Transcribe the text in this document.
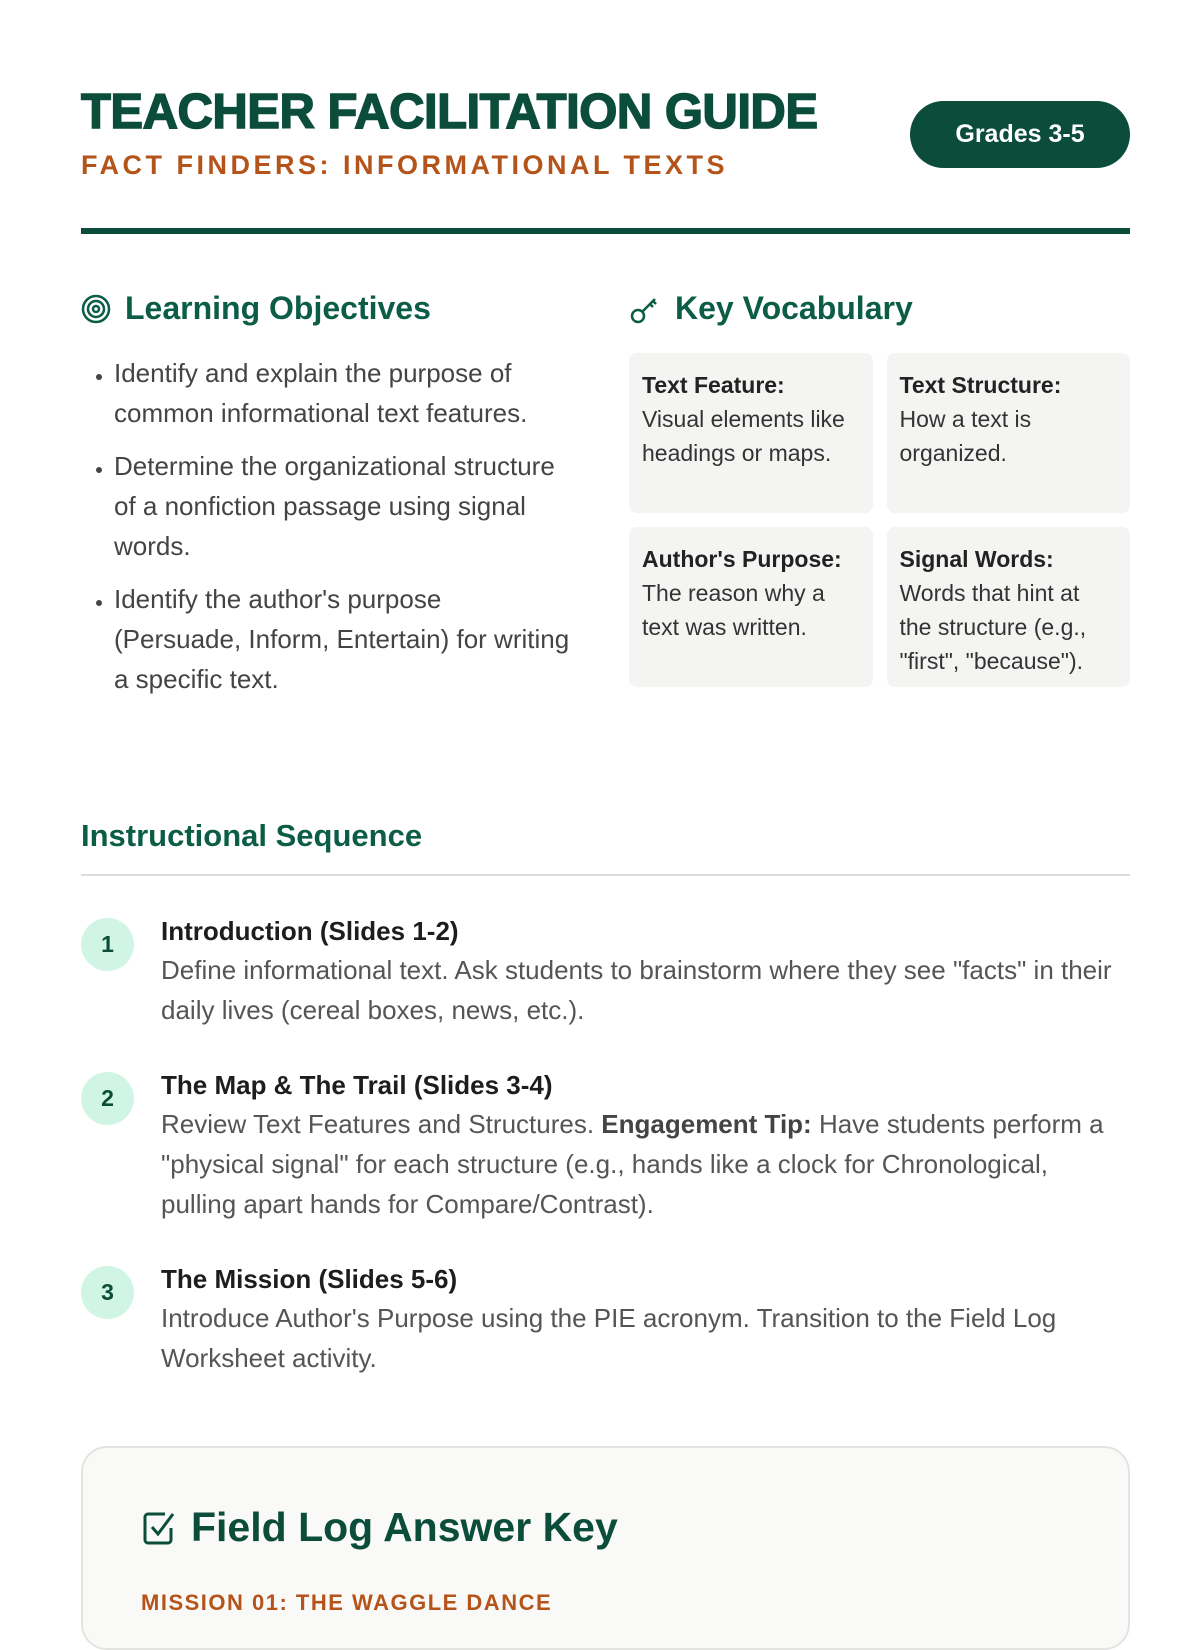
TEACHER FACILITATION GUIDE
FACT FINDERS: INFORMATIONAL TEXTS
Grades 3-5
Learning Objectives
• Identify and explain the purpose of common informational text features.
• Determine the organizational structure of a nonfiction passage using signal words.
• Identify the author's purpose (Persuade, Inform, Entertain) for writing a specific text.
Key Vocabulary
Text Feature:
Visual elements like headings or maps.
Text Structure:
How a text is organized.
Author's Purpose:
The reason why a text was written.
Signal Words:
Words that hint at the structure (e.g., "first", "because").
Instructional Sequence
1	Introduction (Slides 1-2)
Define informational text. Ask students to brainstorm where they see "facts" in their daily lives (cereal boxes, news, etc.).
2	The Map & The Trail (Slides 3-4)
Review Text Features and Structures. Engagement Tip: Have students perform a "physical signal" for each structure (e.g., hands like a clock for Chronological, pulling apart hands for Compare/Contrast).
3	The Mission (Slides 5-6)
Introduce Author's Purpose using the PIE acronym. Transition to the Field Log Worksheet activity.
Field Log Answer Key
MISSION 01: THE WAGGLE DANCE
